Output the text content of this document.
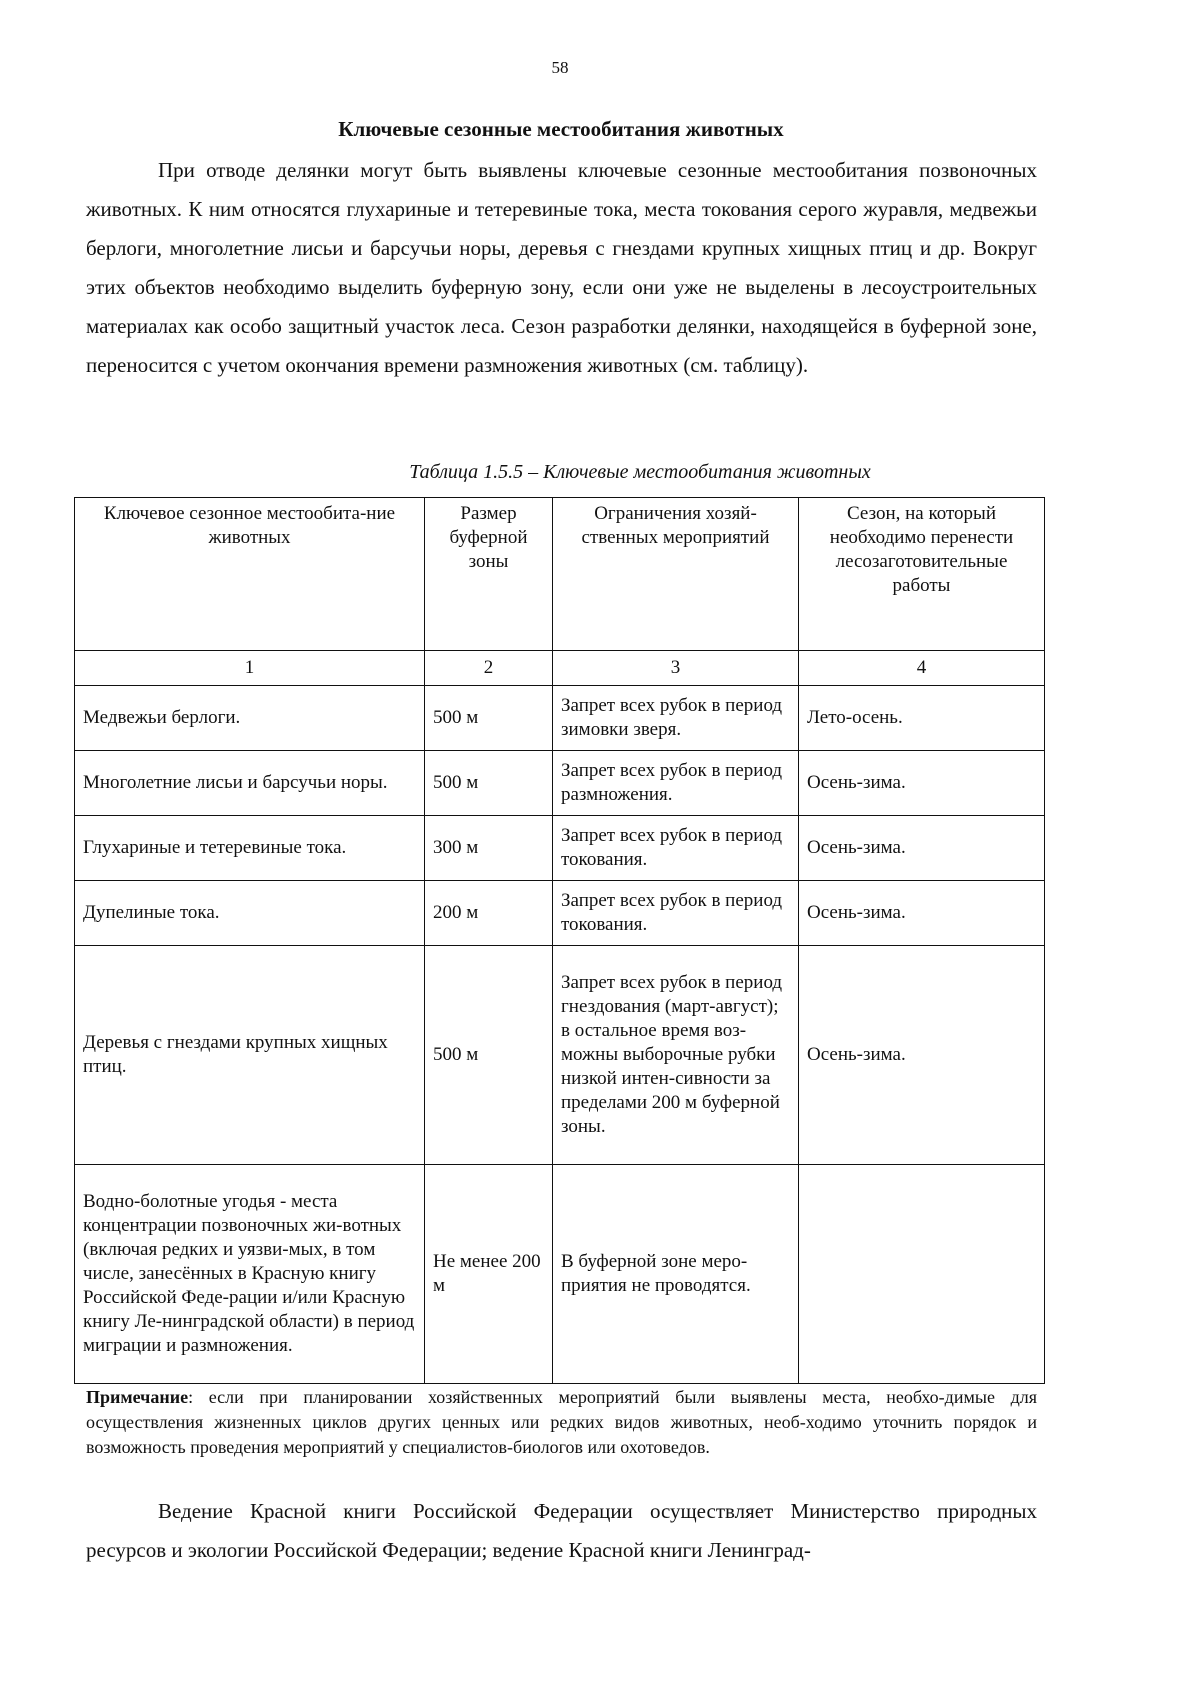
58
Ключевые сезонные местообитания животных

При отводе делянки могут быть выявлены ключевые сезонные местообитания позвоночных животных. К ним относятся глухариные и тетеревиные тока, места токования серого журавля, медвежьи берлоги, многолетние лисьи и барсучьи норы, деревья с гнездами крупных хищных птиц и др. Вокруг этих объектов необходимо выделить буферную зону, если они уже не выделены в лесоустроительных материалах как особо защитный участок леса. Сезон разработки делянки, находящейся в буферной зоне, переносится с учетом окончания времени размножения животных (см. таблицу).

Таблица 1.5.5 – Ключевые местообитания животных
Ключевое сезонное местообита-ние животных	Размер буферной зоны	Ограничения хозяй-ственных мероприятий	Сезон, на который необходимо перенести лесозаготовительные работы
1	2	3	4
Медвежьи берлоги.	500 м	Запрет всех рубок в период зимовки зверя.	Лето-осень.
Многолетние лисьи и барсучьи норы.	500 м	Запрет всех рубок в период размножения.	Осень-зима.
Глухариные и тетеревиные тока.	300 м	Запрет всех рубок в период токования.	Осень-зима.
Дупелиные тока.	200 м	Запрет всех рубок в период токования.	Осень-зима.
Деревья с гнездами крупных хищных птиц.	500 м	Запрет всех рубок в период гнездования (март-август); в остальное время воз-можны выборочные рубки низкой интен-сивности за пределами 200 м буферной зоны.	Осень-зима.
Водно-болотные угодья - места концентрации позвоночных жи-вотных (включая редких и уязви-мых, в том числе, занесённых в Красную книгу Российской Феде-рации и/или Красную книгу Ле-нинградской области) в период миграции и размножения.	Не менее 200 м	В буферной зоне меро-приятия не проводятся.	

Примечание: если при планировании хозяйственных мероприятий были выявлены места, необхо-димые для осуществления жизненных циклов других ценных или редких видов животных, необ-ходимо уточнить порядок и возможность проведения мероприятий у специалистов-биологов или охотоведов.

Ведение Красной книги Российской Федерации осуществляет Министерство природных ресурсов и экологии Российской Федерации; ведение Красной книги Ленинград-
